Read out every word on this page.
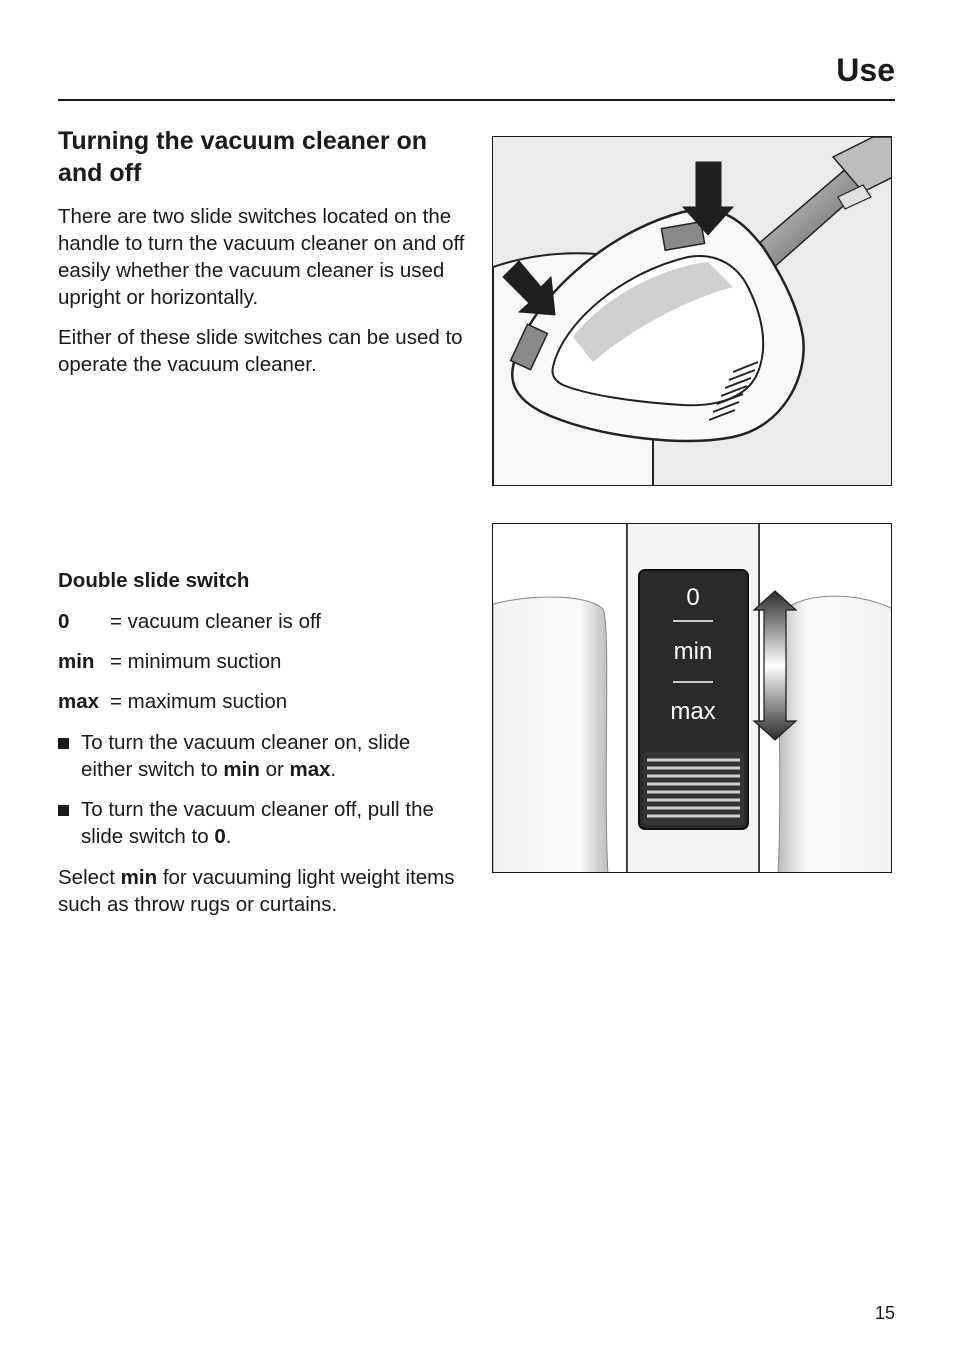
Use
Turning the vacuum cleaner on and off

There are two slide switches located on the handle to turn the vacuum cleaner on and off easily whether the vacuum cleaner is used upright or horizontally.

Either of these slide switches can be used to operate the vacuum cleaner.

Double slide switch
0 = vacuum cleaner is off
min = minimum suction
max = maximum suction
To turn the vacuum cleaner on, slide either switch to min or max.
To turn the vacuum cleaner off, pull the slide switch to 0.

Select min for vacuuming light weight items such as throw rugs or curtains.

0
min
max
15
